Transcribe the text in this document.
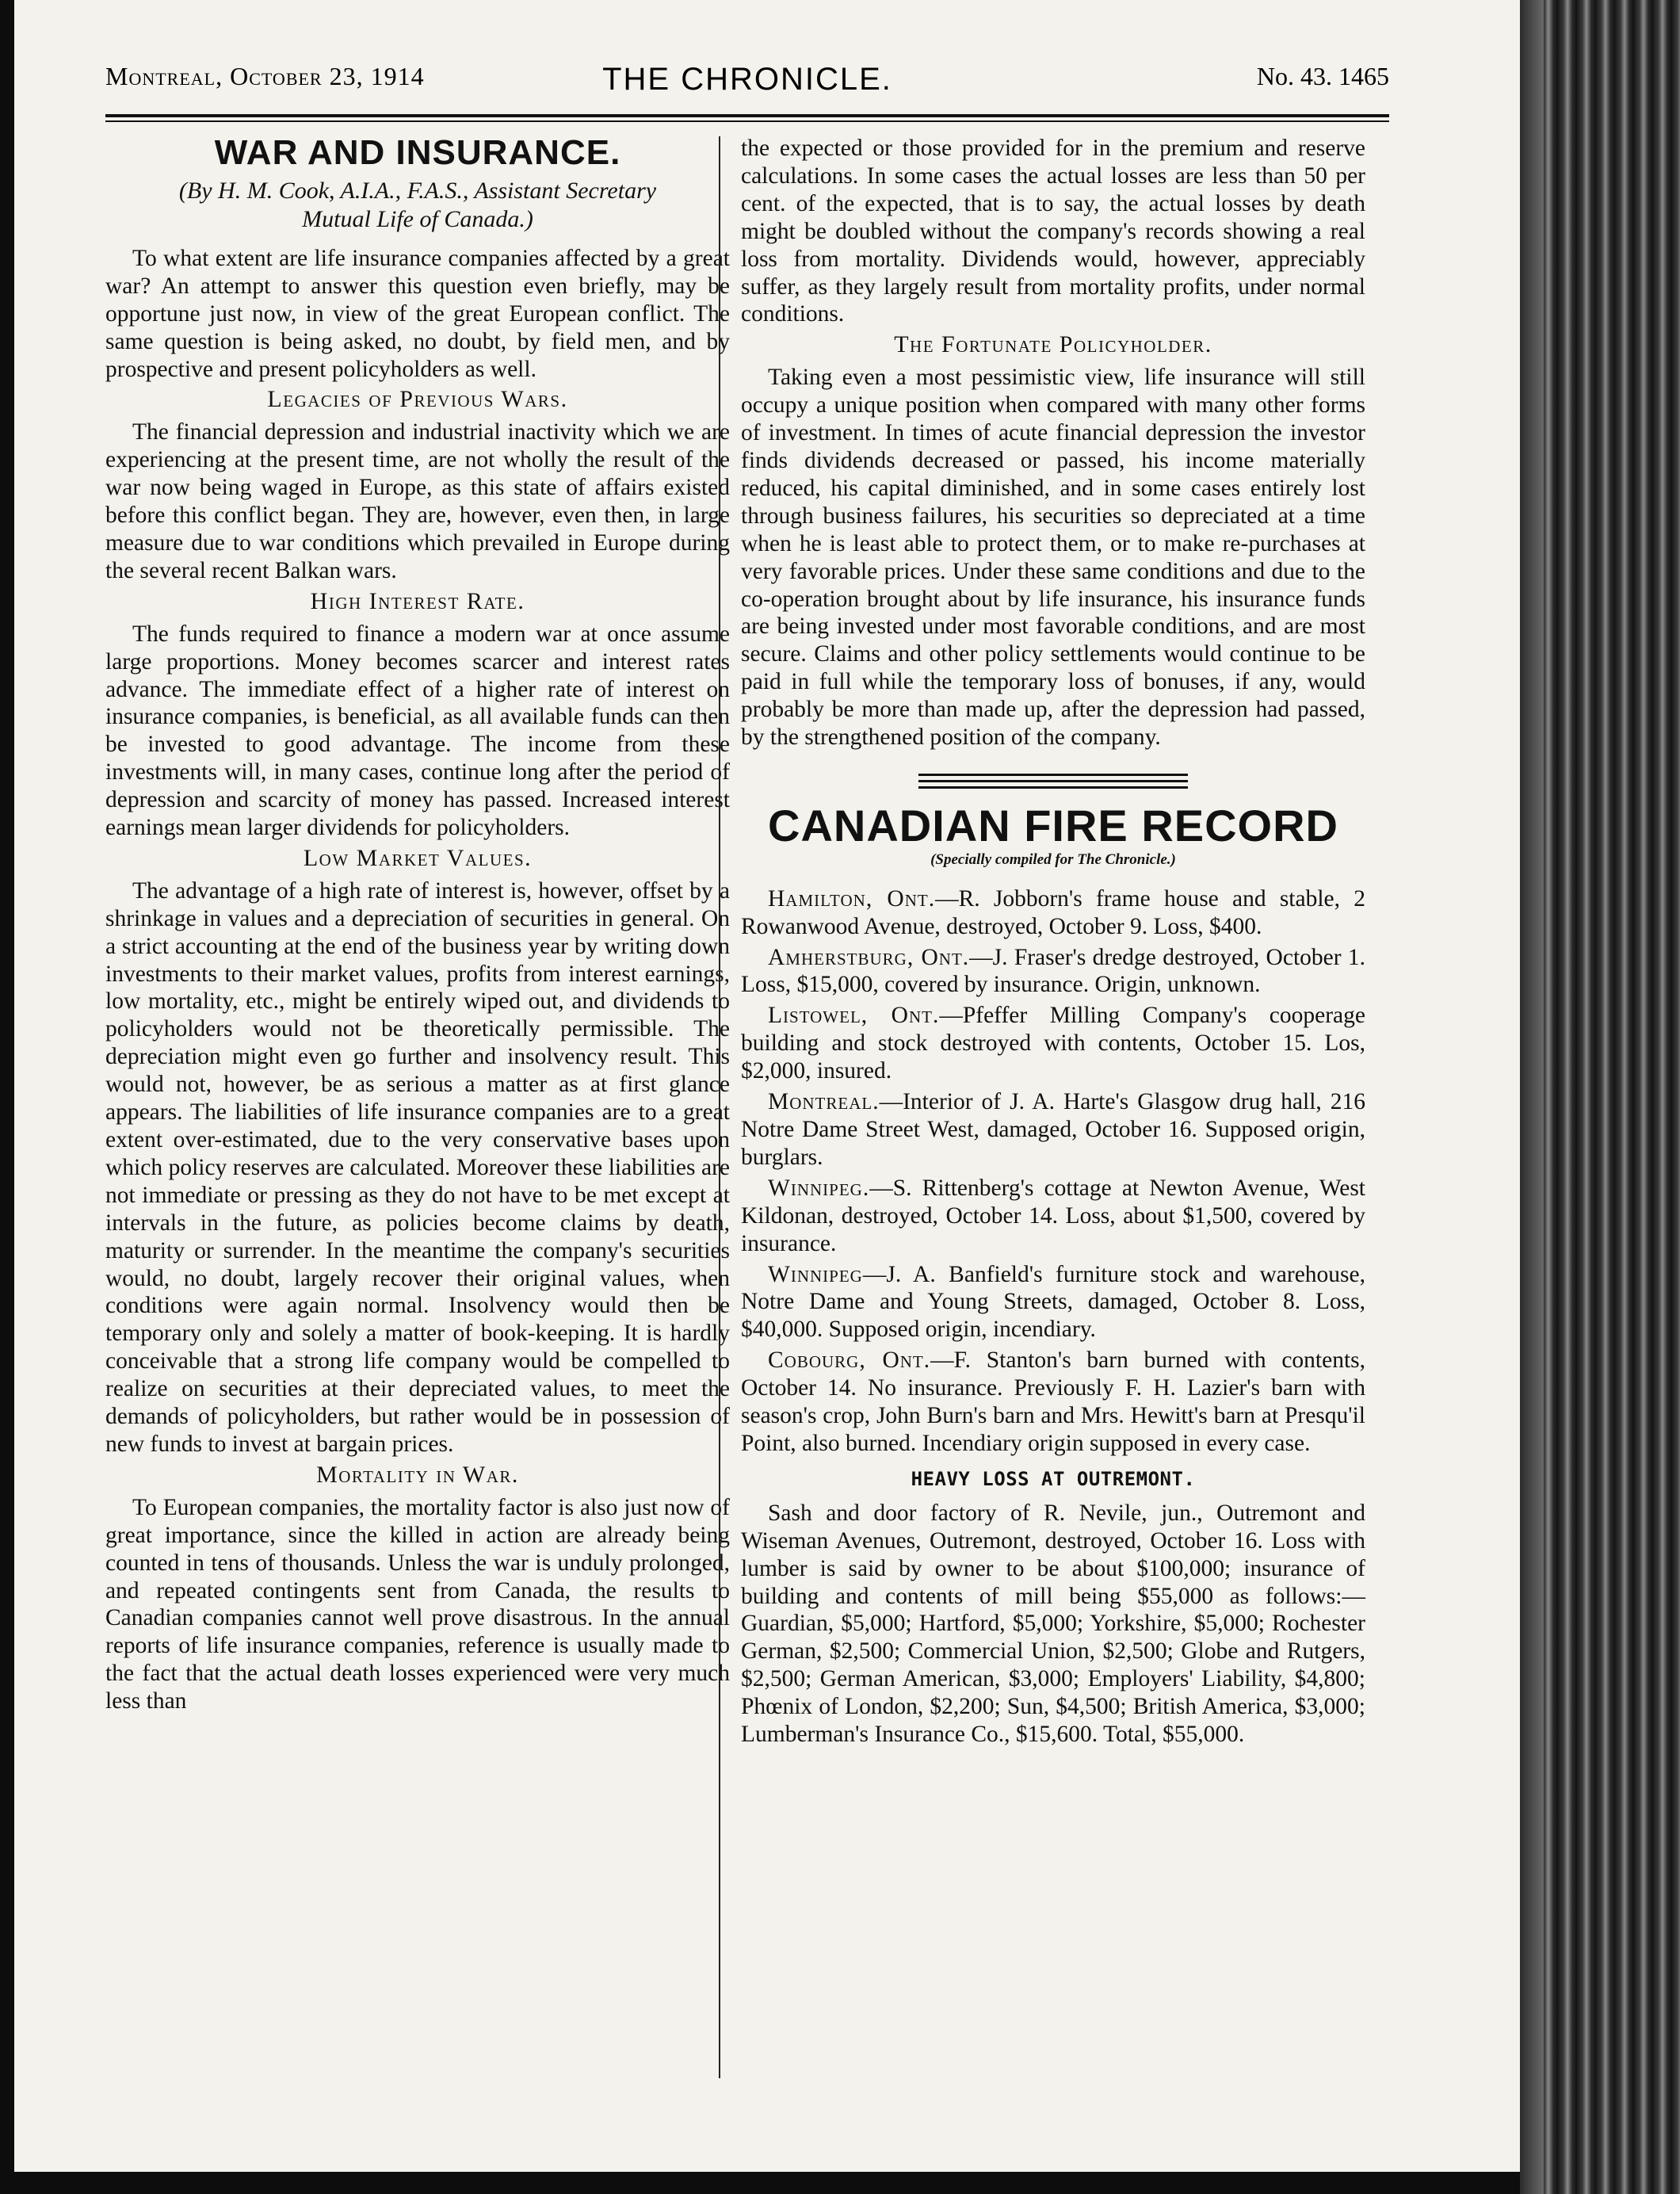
Montreal, October 23, 1914	THE CHRONICLE.	No. 43. 1465
WAR AND INSURANCE.
(By H. M. Cook, A.I.A., F.A.S., Assistant Secretary
Mutual Life of Canada.)

To what extent are life insurance companies affected by a great war? An attempt to answer this question even briefly, may be opportune just now, in view of the great European conflict. The same question is being asked, no doubt, by field men, and by prospective and present policyholders as well.

Legacies of Previous Wars.

The financial depression and industrial inactivity which we are experiencing at the present time, are not wholly the result of the war now being waged in Europe, as this state of affairs existed before this conflict began. They are, however, even then, in large measure due to war conditions which prevailed in Europe during the several recent Balkan wars.

High Interest Rate.

The funds required to finance a modern war at once assume large proportions. Money becomes scarcer and interest rates advance. The immediate effect of a higher rate of interest on insurance companies, is beneficial, as all available funds can then be invested to good advantage. The income from these investments will, in many cases, continue long after the period of depression and scarcity of money has passed. Increased interest earnings mean larger dividends for policyholders.

Low Market Values.

The advantage of a high rate of interest is, however, offset by a shrinkage in values and a depreciation of securities in general. On a strict accounting at the end of the business year by writing down investments to their market values, profits from interest earnings, low mortality, etc., might be entirely wiped out, and dividends to policyholders would not be theoretically permissible. The depreciation might even go further and insolvency result. This would not, however, be as serious a matter as at first glance appears. The liabilities of life insurance companies are to a great extent over-estimated, due to the very conservative bases upon which policy reserves are calculated. Moreover these liabilities are not immediate or pressing as they do not have to be met except at intervals in the future, as policies become claims by death, maturity or surrender. In the meantime the company's securities would, no doubt, largely recover their original values, when conditions were again normal. Insolvency would then be temporary only and solely a matter of book-keeping. It is hardly conceivable that a strong life company would be compelled to realize on securities at their depreciated values, to meet the demands of policyholders, but rather would be in possession of new funds to invest at bargain prices.

Mortality in War.

To European companies, the mortality factor is also just now of great importance, since the killed in action are already being counted in tens of thousands. Unless the war is unduly prolonged, and repeated contingents sent from Canada, the results to Canadian companies cannot well prove disastrous. In the annual reports of life insurance companies, reference is usually made to the fact that the actual death losses experienced were very much less than

the expected or those provided for in the premium and reserve calculations. In some cases the actual losses are less than 50 per cent. of the expected, that is to say, the actual losses by death might be doubled without the company's records showing a real loss from mortality. Dividends would, however, appreciably suffer, as they largely result from mortality profits, under normal conditions.

The Fortunate Policyholder.

Taking even a most pessimistic view, life insurance will still occupy a unique position when compared with many other forms of investment. In times of acute financial depression the investor finds dividends decreased or passed, his income materially reduced, his capital diminished, and in some cases entirely lost through business failures, his securities so depreciated at a time when he is least able to protect them, or to make re-purchases at very favorable prices. Under these same conditions and due to the co-operation brought about by life insurance, his insurance funds are being invested under most favorable conditions, and are most secure. Claims and other policy settlements would continue to be paid in full while the temporary loss of bonuses, if any, would probably be more than made up, after the depression had passed, by the strengthened position of the company.

CANADIAN FIRE RECORD
(Specially compiled for The Chronicle.)

Hamilton, Ont.—R. Jobborn's frame house and stable, 2 Rowanwood Avenue, destroyed, October 9. Loss, $400.

Amherstburg, Ont.—J. Fraser's dredge destroyed, October 1. Loss, $15,000, covered by insurance. Origin, unknown.

Listowel, Ont.—Pfeffer Milling Company's cooperage building and stock destroyed with contents, October 15. Los, $2,000, insured.

Montreal.—Interior of J. A. Harte's Glasgow drug hall, 216 Notre Dame Street West, damaged, October 16. Supposed origin, burglars.

Winnipeg.—S. Rittenberg's cottage at Newton Avenue, West Kildonan, destroyed, October 14. Loss, about $1,500, covered by insurance.

Winnipeg—J. A. Banfield's furniture stock and warehouse, Notre Dame and Young Streets, damaged, October 8. Loss, $40,000. Supposed origin, incendiary.

Cobourg, Ont.—F. Stanton's barn burned with contents, October 14. No insurance. Previously F. H. Lazier's barn with season's crop, John Burn's barn and Mrs. Hewitt's barn at Presqu'il Point, also burned. Incendiary origin supposed in every case.

HEAVY LOSS AT OUTREMONT.

Sash and door factory of R. Nevile, jun., Outremont and Wiseman Avenues, Outremont, destroyed, October 16. Loss with lumber is said by owner to be about $100,000; insurance of building and contents of mill being $55,000 as follows:—Guardian, $5,000; Hartford, $5,000; Yorkshire, $5,000; Rochester German, $2,500; Commercial Union, $2,500; Globe and Rutgers, $2,500; German American, $3,000; Employers' Liability, $4,800; Phœnix of London, $2,200; Sun, $4,500; British America, $3,000; Lumberman's Insurance Co., $15,600. Total, $55,000.
